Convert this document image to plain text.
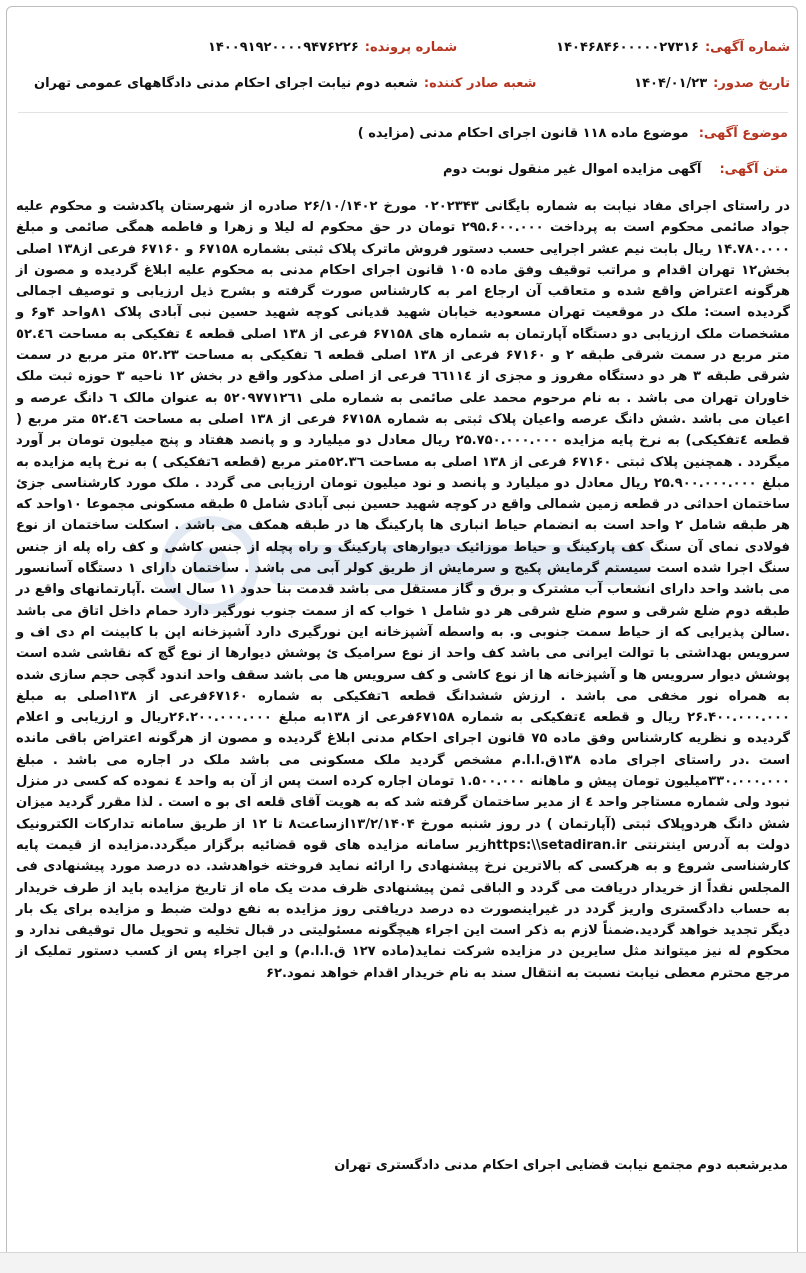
شماره آگهی:۱۴۰۴۶۸۴۶۰۰۰۰۰۲۷۳۱۶
شماره پرونده:۱۴۰۰۹۱۹۲۰۰۰۰۹۴۷۶۲۲۶
تاریخ صدور:۱۴۰۴/۰۱/۲۳
شعبه صادر کننده:شعبه دوم نیابت اجرای احکام مدنی دادگاههای عمومی تهران
موضوع آگهی: موضوع ماده ۱۱۸ قانون اجرای احکام مدنی (مزایده )
متن آگهی: آگهی مزایده اموال غیر منقول نوبت دوم
در راستای اجرای مفاد نیابت به شماره بایگانی ۰۲۰۲۳۴۳ مورخ ۲۶/۱۰/۱۴۰۲ صادره از شهرستان پاکدشت و محکوم علیه جواد صائمی محکوم است به پرداخت ۲۹۵.۶۰۰.۰۰۰ تومان در حق محکوم له لیلا و زهرا و فاطمه همگی صائمی و مبلغ ۱۴.۷۸۰.۰۰۰ ریال بابت نیم عشر اجرایی حسب دستور فروش ماترک پلاک ثبتی بشماره ۶۷۱۵۸ و ۶۷۱۶۰ فرعی از۱۳۸ اصلی بخش۱۲ تهران اقدام و مراتب توقیف وفق ماده ۱۰۵ قانون اجرای احکام مدنی به محکوم علیه ابلاغ گردیده و مصون از هرگونه اعتراض واقع شده و متعاقب آن ارجاع امر به کارشناس صورت گرفته و بشرح ذیل ارزیابی و توصیف اجمالی گردیده است: ملک در موقعیت تهران مسعودیه خیابان شهید قدیانی کوچه شهید حسین نبی آبادی پلاک ۸۱واحد ۴و۶ و مشخصات ملک ارزیابی دو دستگاه آپارتمان به شماره های ۶۷۱۵۸ فرعی از ۱۳۸ اصلی قطعه ٤ تفکیکی به مساحت ٥٢.٤٦ متر مربع در سمت شرقی طبقه ۲ و ۶۷۱۶۰ فرعی از ۱۳۸ اصلی قطعه ٦ تفکیکی به مساحت ٥٢.٢٣ متر مربع در سمت شرقی طبقه ۳ هر دو دستگاه مفروز و مجزی از ٦٦١١٤ فرعی از اصلی مذکور واقع در بخش ١٢ ناحیه ٣ حوزه ثبت ملک خاوران تهران می باشد . به نام مرحوم محمد علی صائمی به شماره ملی ٥٢٠٩٧٧١٢٦١ به عنوان مالک ٦ دانگ عرصه و اعیان می باشد .شش دانگ عرصه واعیان پلاک ثبتی به شماره ۶۷۱۵۸ فرعی از ۱۳۸ اصلی به مساحت ٥٢.٤٦ متر مربع ( قطعه ٤تفکیکی) به نرخ پایه مزایده ۲۵.۷۵۰.۰۰۰.۰۰۰ ریال معادل دو میلیارد و و پانصد هفتاد و پنج میلیون تومان بر آورد میگردد . همچنین پلاک ثبتی ۶۷۱۶۰ فرعی از ۱۳۸ اصلی به مساحت ٥٢.٣٦متر مربع (قطعه ٦تفکیکی ) به نرخ پایه مزایده به مبلغ ۲۵.۹۰۰.۰۰۰.۰۰۰ ریال معادل دو میلیارد و پانصد و نود میلیون تومان ارزیابی می گردد . ملک مورد کارشناسی جزئ ساختمان احداثی در قطعه زمین شمالی واقع در کوچه شهید حسین نبی آبادی شامل ٥ طبقه مسکونی مجموعا ۱۰واحد که هر طبقه شامل ۲ واحد است به انضمام حیاط انباری ها پارکینگ ها در طبقه همکف می باشد . اسکلت ساختمان از نوع فولادی نمای آن سنگ کف پارکینگ و حیاط موزائیک دیوارهای پارکینگ و راه پچله از جنس کاشی و کف راه پله از جنس سنگ اجرا شده است سیستم گرمایش پکیج و سرمایش از طریق کولر آبی می باشد . ساختمان دارای ۱ دستگاه آسانسور می باشد واحد دارای انشعاب آب مشترک و برق و گاز مستقل می باشد قدمت بنا حدود ۱۱ سال است .آپارتمانهای واقع در طبقه دوم ضلع شرقی و سوم ضلع شرقی هر دو شامل ۱ خواب که از سمت جنوب نورگیر دارد حمام داخل اتاق می باشد .سالن پذیرایی که از حیاط سمت جنوبی و. به واسطه آشپزخانه این نورگیری دارد آشپزخانه اپن با کابینت ام دی اف و سرویس بهداشتی با توالت ایرانی می باشد کف واحد از نوع سرامیک ئ پوشش دیوارها از نوع گچ که نقاشی شده است پوشش دیوار سرویس ها و آشپزخانه ها از نوع کاشی و کف سرویس ها می باشد سقف واحد اندود گچی حجم سازی شده به همراه نور مخفی می باشد . ارزش ششدانگ قطعه ٦تفکیکی به شماره ۶۷۱۶۰فرعی از ۱۳۸اصلی به مبلغ ۲۶.۴۰۰.۰۰۰.۰۰۰ ریال و قطعه ٤تفکیکی به شماره ۶۷۱۵۸فرعی از ۱۳۸به مبلغ ۲۶.۲۰۰.۰۰۰.۰۰۰ریال و ارزیابی و اعلام گردیده و نظریه کارشناس وفق ماده ۷۵ قانون اجرای احکام مدنی ابلاغ گردیده و مصون از هرگونه اعتراض باقی مانده است .در راستای اجرای ماده ۱۳۸ق.ا.ا.م مشخص گردید ملک مسکونی می باشد ملک در اجاره می باشد . مبلغ ۳۳۰.۰۰۰.۰۰۰میلیون تومان پیش و ماهانه ۱.۵۰۰.۰۰۰ تومان اجاره کرده است پس از آن به واحد ٤ نموده که کسی در منزل نبود ولی شماره مستاجر واحد ٤ از مدیر ساختمان گرفته شد که به هویت آقای قلعه ای بو ه است . لذا مقرر گردید میزان شش دانگ هردوپلاک ثبتی (آپارتمان ) در روز شنبه مورخ ۱۳/۲/۱۴۰۴ازساعت۸ تا ۱۲ از طریق سامانه تدارکات الکترونیک دولت به آدرس اینترنتی https:\\setadiran.irزیر سامانه مزایده های قوه قضائیه برگزار میگردد.مزایده از قیمت پایه کارشناسی شروع و به هرکسی که بالاترین نرخ پیشنهادی را ارائه نماید فروخته خواهدشد. ده درصد مورد پیشنهادی فی المجلس نقداً از خریدار دریافت می گردد و الباقی ثمن پیشنهادی ظرف مدت یک ماه از تاریخ مزایده باید از طرف خریدار به حساب دادگستری واریز گردد در غیراینصورت ده درصد دریافتی روز مزایده به نفع دولت ضبط و مزایده برای یک بار دیگر تجدید خواهد گردید.ضمناً لازم به ذکر است این اجراء هیچگونه مسئولیتی در قبال تخلیه و تحویل مال توقیفی ندارد و محکوم له نیز میتواند مثل سایرین در مزایده شرکت نماید(ماده ۱۲۷ ق.ا.ا.م) و این اجراء پس از کسب دستور تملیک از مرجع محترم معطی نیابت نسبت به انتقال سند به نام خریدار اقدام خواهد نمود.۶۲
مدیرشعبه دوم مجتمع نیابت قضایی اجرای احکام مدنی دادگستری تهران
